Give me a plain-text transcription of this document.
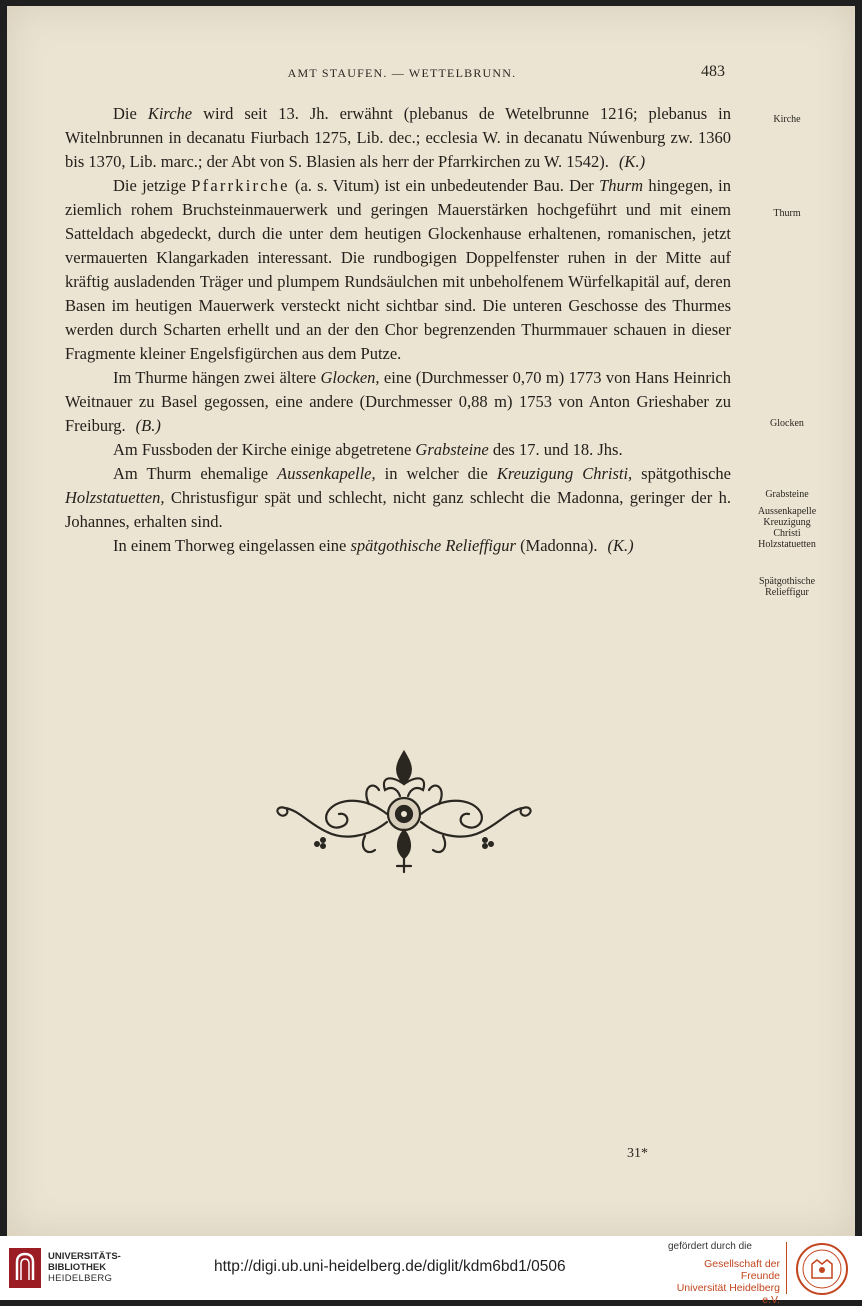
AMT STAUFEN. — WETTELBRUNN.	483

Die Kirche wird seit 13. Jh. erwähnt (plebanus de Wetelbrunne 1216; plebanus in Witelnbrunnen in decanatu Fiurbach 1275, Lib. dec.; ecclesia W. in decanatu Núwenburg zw. 1360 bis 1370, Lib. marc.; der Abt von S. Blasien als herr der Pfarrkirchen zu W. 1542). (K.)

Die jetzige Pfarrkirche (a. s. Vitum) ist ein unbedeutender Bau. Der Thurm hingegen, in ziemlich rohem Bruchsteinmauerwerk und geringen Mauerstärken hochgeführt und mit einem Satteldach abgedeckt, durch die unter dem heutigen Glockenhause erhaltenen, romanischen, jetzt vermauerten Klangarkaden interessant. Die rundbogigen Doppelfenster ruhen in der Mitte auf kräftig ausladenden Träger und plumpem Rundsäulchen mit unbeholfenem Würfelkapitäl auf, deren Basen im heutigen Mauerwerk versteckt nicht sichtbar sind. Die unteren Geschosse des Thurmes werden durch Scharten erhellt und an der den Chor begrenzenden Thurmmauer schauen in dieser Fragmente kleiner Engelsfigürchen aus dem Putze.

Im Thurme hängen zwei ältere Glocken, eine (Durchmesser 0,70 m) 1773 von Hans Heinrich Weitnauer zu Basel gegossen, eine andere (Durchmesser 0,88 m) 1753 von Anton Grieshaber zu Freiburg. (B.)

Am Fussboden der Kirche einige abgetretene Grabsteine des 17. und 18. Jhs.

Am Thurm ehemalige Aussenkapelle, in welcher die Kreuzigung Christi, spätgothische Holzstatuetten, Christusfigur spät und schlecht, nicht ganz schlecht die Madonna, geringer der h. Johannes, erhalten sind.

In einem Thorweg eingelassen eine spätgothische Relieffigur (Madonna). (K.)

Kirche
Thurm
Glocken
Grabsteine
Aussenkapelle
Kreuzigung
Christi
Holzstatuetten
Spätgothische
Relieffigur
31*
UNIVERSITÄTS-
BIBLIOTHEK
HEIDELBERG
http://digi.ub.uni-heidelberg.de/diglit/kdm6bd1/0506
gefördert durch die
Gesellschaft der Freunde
Universität Heidelberg e.V.
